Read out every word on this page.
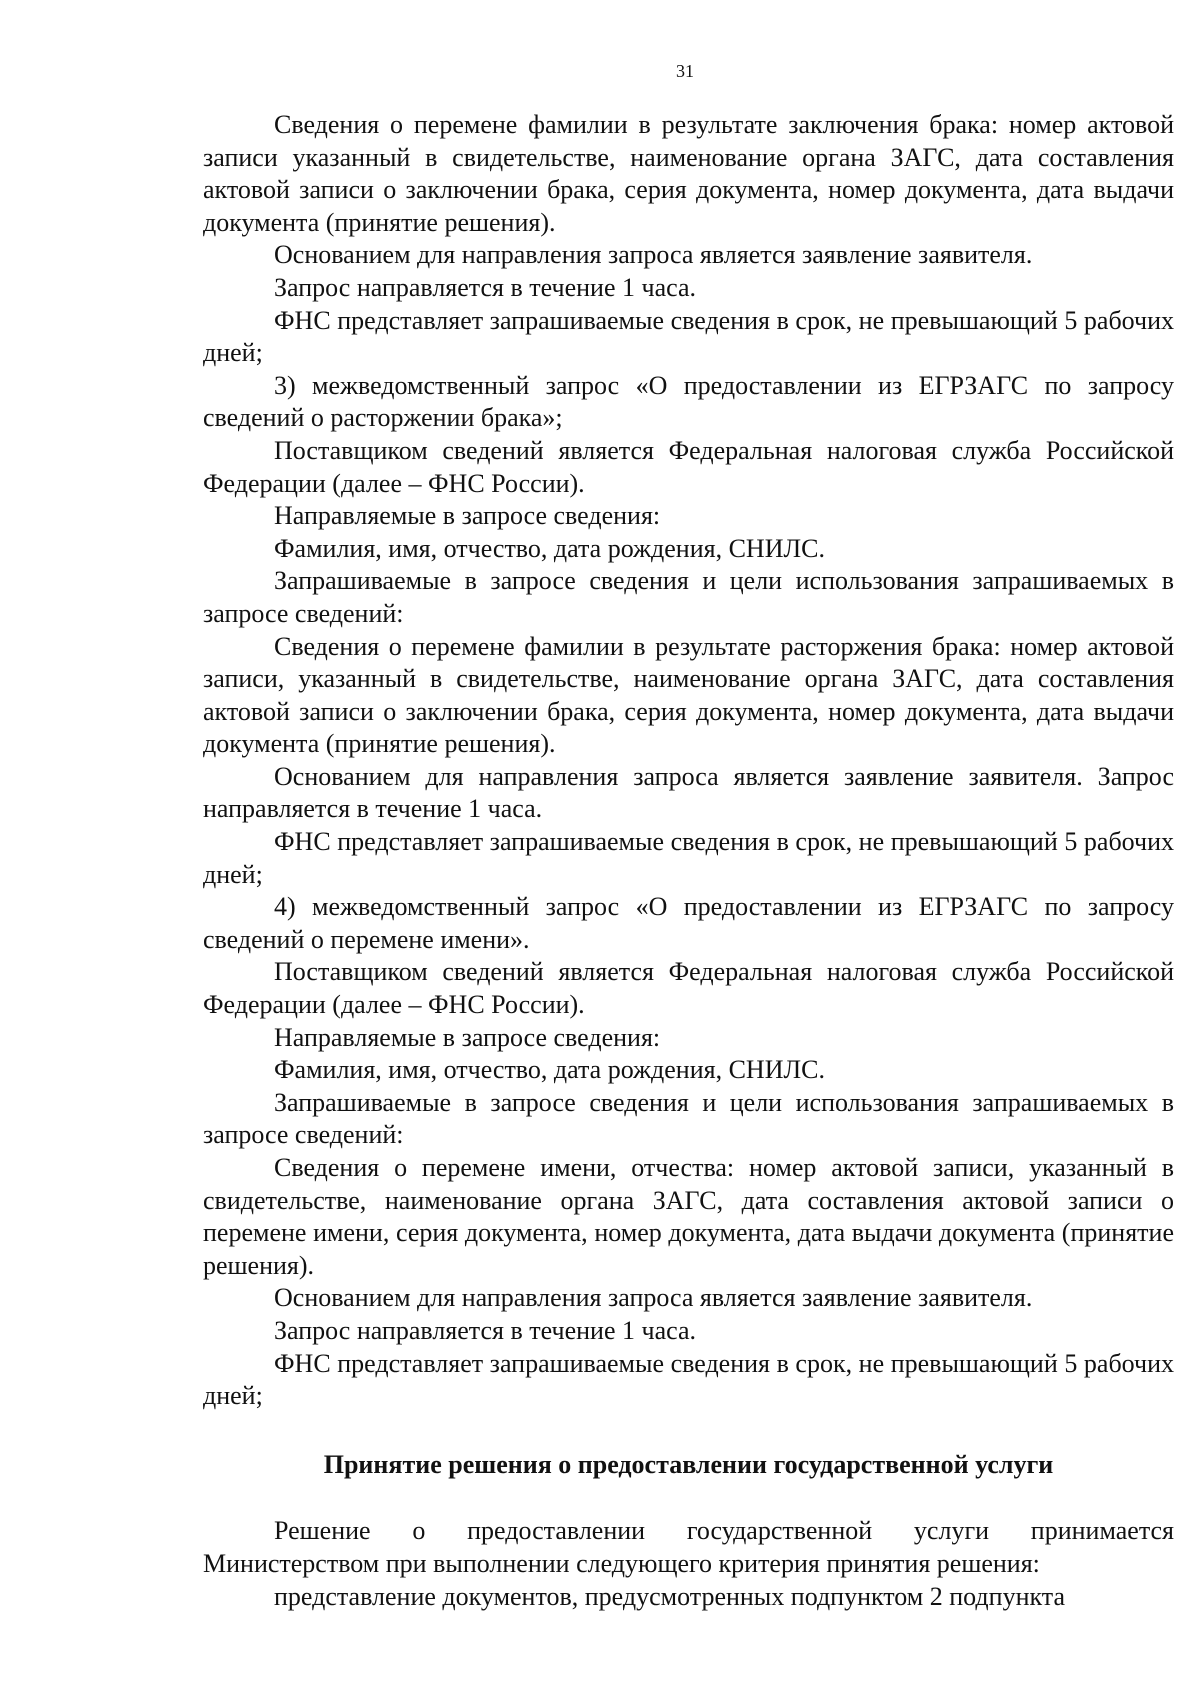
31

Сведения о перемене фамилии в результате заключения брака: номер актовой записи указанный в свидетельстве, наименование органа ЗАГС, дата составления актовой записи о заключении брака, серия документа, номер документа, дата выдачи документа (принятие решения).

Основанием для направления запроса является заявление заявителя.

Запрос направляется в течение 1 часа.

ФНС представляет запрашиваемые сведения в срок, не превышающий 5 рабочих дней;

3) межведомственный запрос «О предоставлении из ЕГРЗАГС по запросу сведений о расторжении брака»;

Поставщиком сведений является Федеральная налоговая служба Российской Федерации (далее – ФНС России).

Направляемые в запросе сведения:

Фамилия, имя, отчество, дата рождения, СНИЛС.

Запрашиваемые в запросе сведения и цели использования запрашиваемых в запросе сведений:

Сведения о перемене фамилии в результате расторжения брака: номер актовой записи, указанный в свидетельстве, наименование органа ЗАГС, дата составления актовой записи о заключении брака, серия документа, номер документа, дата выдачи документа (принятие решения).

Основанием для направления запроса является заявление заявителя. Запрос направляется в течение 1 часа.

ФНС представляет запрашиваемые сведения в срок, не превышающий 5 рабочих дней;

4) межведомственный запрос «О предоставлении из ЕГРЗАГС по запросу сведений о перемене имени».

Поставщиком сведений является Федеральная налоговая служба Российской Федерации (далее – ФНС России).

Направляемые в запросе сведения:

Фамилия, имя, отчество, дата рождения, СНИЛС.

Запрашиваемые в запросе сведения и цели использования запрашиваемых в запросе сведений:

Сведения о перемене имени, отчества: номер актовой записи, указанный в свидетельстве, наименование органа ЗАГС, дата составления актовой записи о перемене имени, серия документа, номер документа, дата выдачи документа (принятие решения).

Основанием для направления запроса является заявление заявителя.

Запрос направляется в течение 1 часа.

ФНС представляет запрашиваемые сведения в срок, не превышающий 5 рабочих дней;

Принятие решения о предоставлении государственной услуги

Решение о предоставлении государственной услуги принимается Министерством при выполнении следующего критерия принятия решения:

представление документов, предусмотренных подпунктом 2 подпункта
